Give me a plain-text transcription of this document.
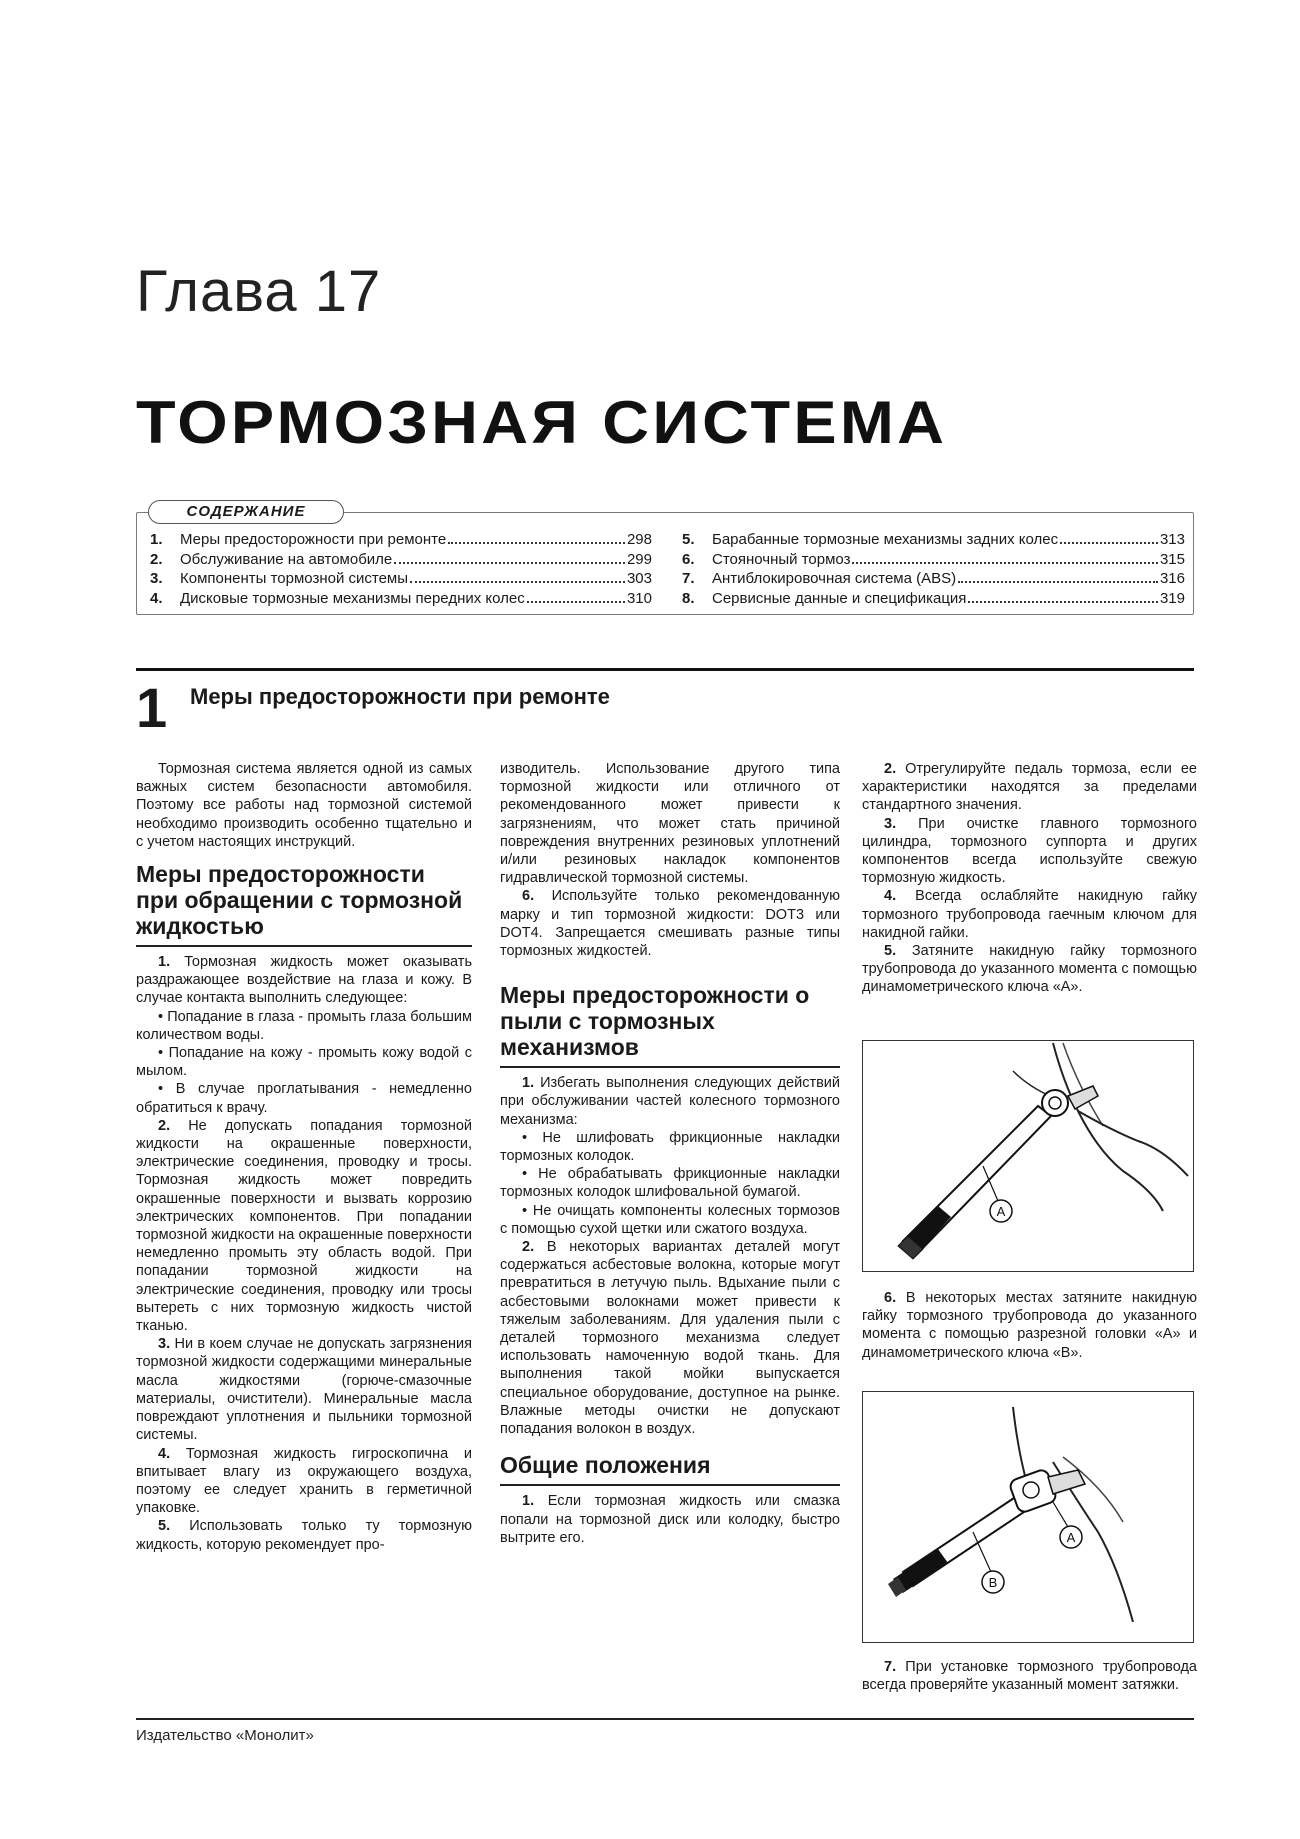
Глава 17
ТОРМОЗНАЯ СИСТЕМА
СОДЕРЖАНИЕ
1.	Меры предосторожности при ремонте	298
2.	Обслуживание на автомобиле	299
3.	Компоненты тормозной системы	303
4.	Дисковые тормозные механизмы передних колес	310
5.	Барабанные тормозные механизмы задних колес	313
6.	Стояночный тормоз	315
7.	Антиблокировочная система (ABS)	316
8.	Сервисные данные и спецификация	319
1 Меры предосторожности при ремонте

Тормозная система является одной из самых важных систем безопасности автомобиля. Поэтому все работы над тормозной системой необходимо производить особенно тщательно и с учетом настоящих инструкций.

Меры предосторожности при обращении с тормозной жидкостью

1. Тормозная жидкость может оказывать раздражающее воздействие на глаза и кожу. В случае контакта выполнить следующее:

• Попадание в глаза - промыть глаза большим количеством воды.

• Попадание на кожу - промыть кожу водой с мылом.

• В случае проглатывания - немедленно обратиться к врачу.

2. Не допускать попадания тормозной жидкости на окрашенные поверхности, электрические соединения, проводку и тросы. Тормозная жидкость может повредить окрашенные поверхности и вызвать коррозию электрических компонентов. При попадании тормозной жидкости на окрашенные поверхности немедленно промыть эту область водой. При попадании тормозной жидкости на электрические соединения, проводку или тросы вытереть с них тормозную жидкость чистой тканью.

3. Ни в коем случае не допускать загрязнения тормозной жидкости содержащими минеральные масла жидкостями (горюче-смазочные материалы, очистители). Минеральные масла повреждают уплотнения и пыльники тормозной системы.

4. Тормозная жидкость гигроскопична и впитывает влагу из окружающего воздуха, поэтому ее следует хранить в герметичной упаковке.

5. Использовать только ту тормозную жидкость, которую рекомендует про-

изводитель. Использование другого типа тормозной жидкости или отличного от рекомендованного может привести к загрязнениям, что может стать причиной повреждения внутренних резиновых уплотнений и/или резиновых накладок компонентов гидравлической тормозной системы.

6. Используйте только рекомендованную марку и тип тормозной жидкости: DOT3 или DOT4. Запрещается смешивать разные типы тормозных жидкостей.

Меры предосторожности о пыли с тормозных механизмов

1. Избегать выполнения следующих действий при обслуживании частей колесного тормозного механизма:

• Не шлифовать фрикционные накладки тормозных колодок.

• Не обрабатывать фрикционные накладки тормозных колодок шлифовальной бумагой.

• Не очищать компоненты колесных тормозов с помощью сухой щетки или сжатого воздуха.

2. В некоторых вариантах деталей могут содержаться асбестовые волокна, которые могут превратиться в летучую пыль. Вдыхание пыли с асбестовыми волокнами может привести к тяжелым заболеваниям. Для удаления пыли с деталей тормозного механизма следует использовать намоченную водой ткань. Для выполнения такой мойки выпускается специальное оборудование, доступное на рынке. Влажные методы очистки не допускают попадания волокон в воздух.

Общие положения

1. Если тормозная жидкость или смазка попали на тормозной диск или колодку, быстро вытрите его.

2. Отрегулируйте педаль тормоза, если ее характеристики находятся за пределами стандартного значения.

3. При очистке главного тормозного цилиндра, тормозного суппорта и других компонентов всегда используйте свежую тормозную жидкость.

4. Всегда ослабляйте накидную гайку тормозного трубопровода гаечным ключом для накидной гайки.

5. Затяните накидную гайку тормозного трубопровода до указанного момента с помощью динамометрического ключа «А».

6. В некоторых местах затяните накидную гайку тормозного трубопровода до указанного момента с помощью разрезной головки «А» и динамометрического ключа «В».

7. При установке тормозного трубопровода всегда проверяйте указанный момент затяжки.

A
A
B
Издательство «Монолит»
